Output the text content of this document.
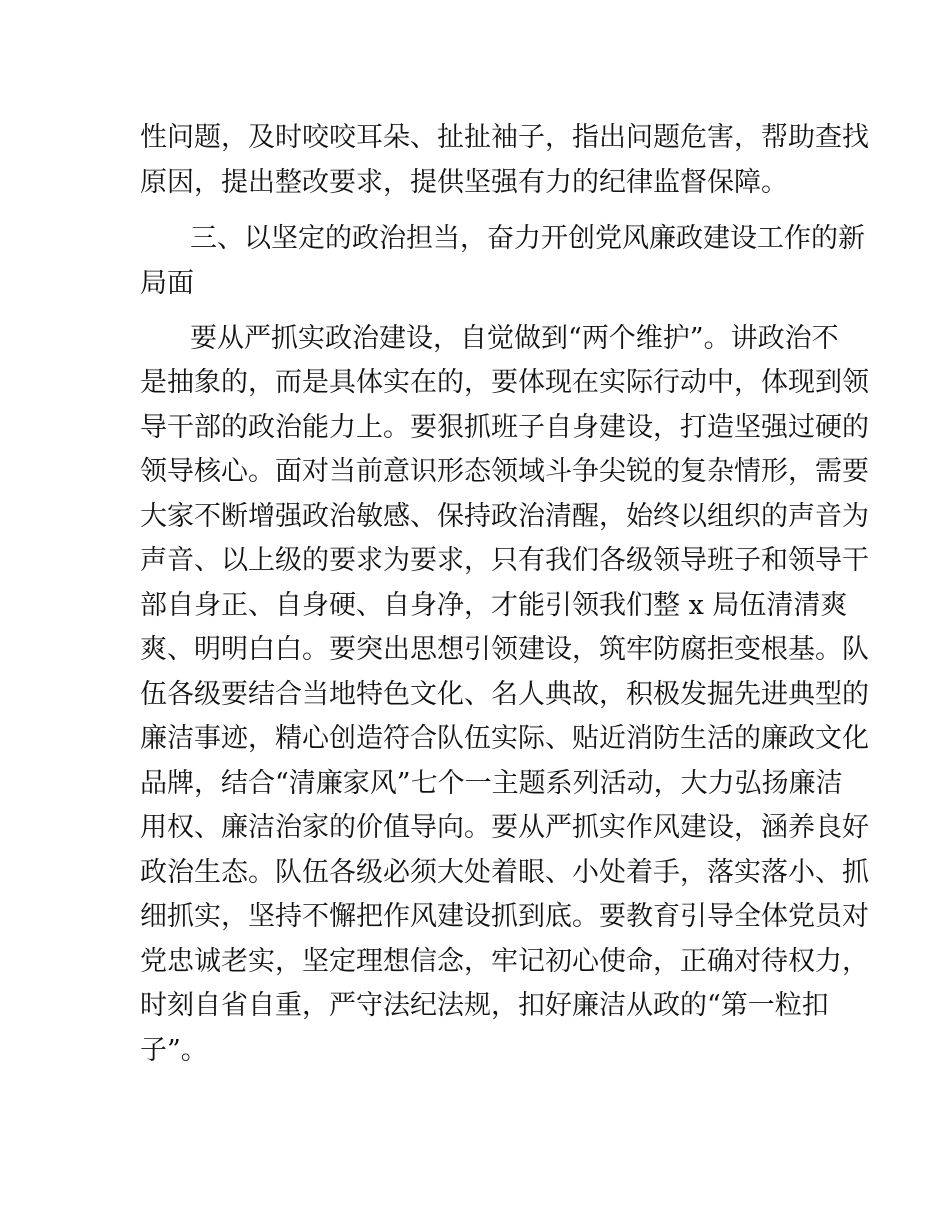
性问题，及时咬咬耳朵、扯扯袖子，指出问题危害，帮助查找
原因，提出整改要求，提供坚强有力的纪律监督保障。
三、以坚定的政治担当，奋力开创党风廉政建设工作的新
局面
要从严抓实政治建设，自觉做到“两个维护”。讲政治不
是抽象的，而是具体实在的，要体现在实际行动中，体现到领
导干部的政治能力上。要狠抓班子自身建设，打造坚强过硬的
领导核心。面对当前意识形态领域斗争尖锐的复杂情形，需要
大家不断增强政治敏感、保持政治清醒，始终以组织的声音为
声音、以上级的要求为要求，只有我们各级领导班子和领导干
部自身正、自身硬、自身净，才能引领我们整 x 局伍清清爽
爽、明明白白。要突出思想引领建设，筑牢防腐拒变根基。队
伍各级要结合当地特色文化、名人典故，积极发掘先进典型的
廉洁事迹，精心创造符合队伍实际、贴近消防生活的廉政文化
品牌，结合“清廉家风”七个一主题系列活动，大力弘扬廉洁
用权、廉洁治家的价值导向。要从严抓实作风建设，涵养良好
政治生态。队伍各级必须大处着眼、小处着手，落实落小、抓
细抓实，坚持不懈把作风建设抓到底。要教育引导全体党员对
党忠诚老实，坚定理想信念，牢记初心使命，正确对待权力，
时刻自省自重，严守法纪法规，扣好廉洁从政的“第一粒扣
子”。
